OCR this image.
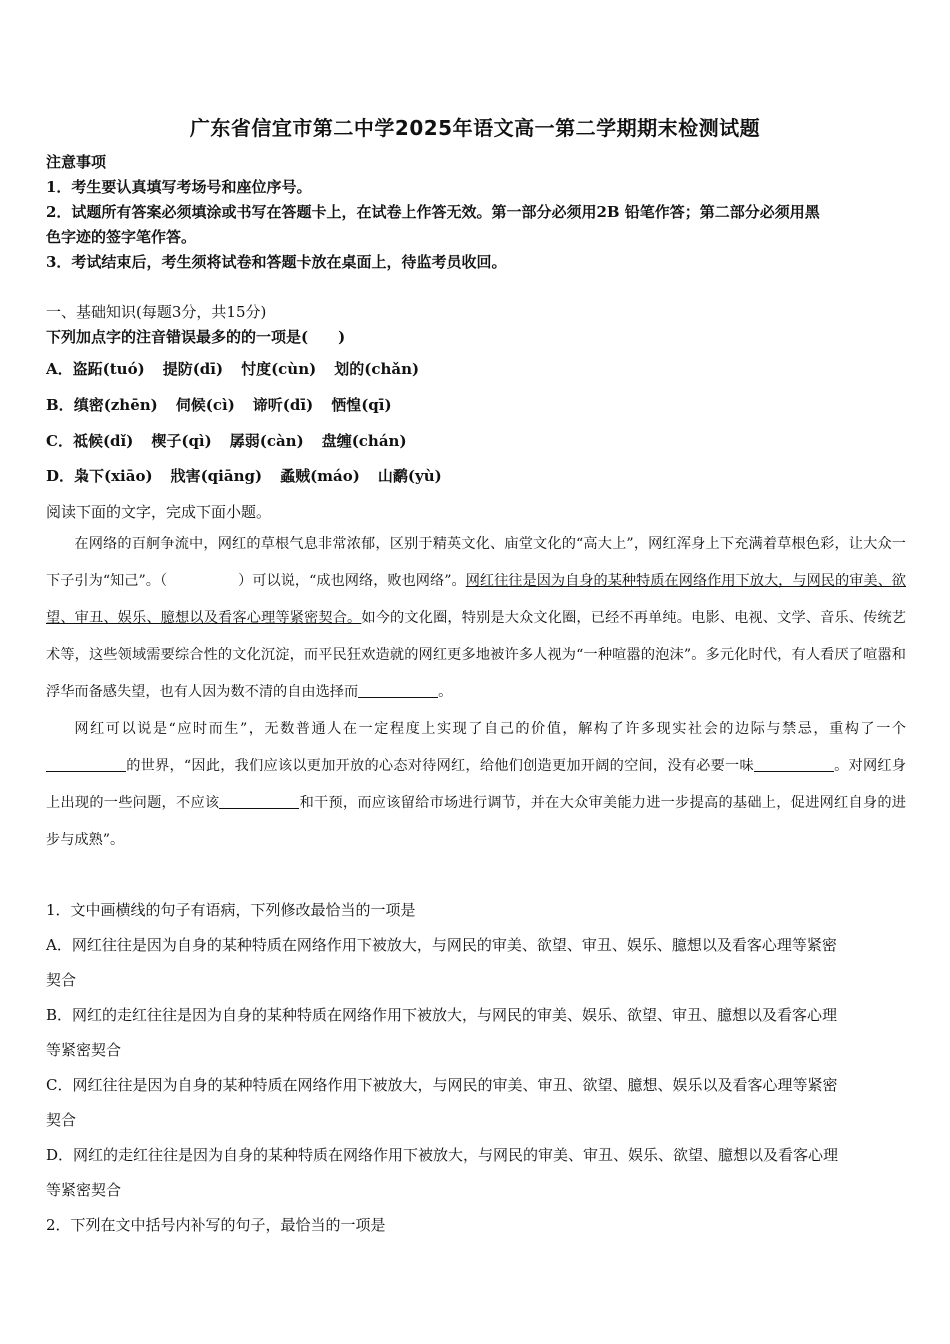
广东省信宜市第二中学2025年语文高一第二学期期末检测试题
注意事项
1．考生要认真填写考场号和座位序号。
2．试题所有答案必须填涂或书写在答题卡上，在试卷上作答无效。第一部分必须用2B 铅笔作答；第二部分必须用黑
色字迹的签字笔作答。
3．考试结束后，考生须将试卷和答题卡放在桌面上，待监考员收回。
一、基础知识(每题3分，共15分)
下列加点字的注音错误最多的的一项是(　　)
A．盗跖(tuó) 提防(dī) 忖度(cùn) 划的(chǎn)
B．缜密(zhēn) 伺候(cì) 谛听(dī) 恓惶(qī)
C．祗候(dǐ) 楔子(qì) 孱弱(càn) 盘缠(chán)
D．枭下(xiāo) 戕害(qiāng) 蟊贼(máo) 山鹬(yù)
阅读下面的文字，完成下面小题。

在网络的百舸争流中，网红的草根气息非常浓郁，区别于精英文化、庙堂文化的“高大上”，网红浑身上下充满着草根色彩，让大众一下子引为“知己”。（　　　　　）可以说，“成也网络，败也网络”。网红往往是因为自身的某种特质在网络作用下放大，与网民的审美、欲望、审丑、娱乐、臆想以及看客心理等紧密契合。如今的文化圈，特别是大众文化圈，已经不再单纯。电影、电视、文学、音乐、传统艺术等，这些领域需要综合性的文化沉淀，而平民狂欢造就的网红更多地被许多人视为“一种喧嚣的泡沫”。多元化时代，有人看厌了喧嚣和浮华而备感失望，也有人因为数不清的自由选择而	。

网红可以说是“应时而生”，无数普通人在一定程度上实现了自己的价值，解构了许多现实社会的边际与禁忌，重构了一个的世界，“因此，我们应该以更加开放的心态对待网红，给他们创造更加开阔的空间，没有必要一味	。对网红身上出现的一些问题，不应该	和干预，而应该留给市场进行调节，并在大众审美能力进一步提高的基础上，促进网红自身的进步与成熟”。

1．文中画横线的句子有语病，下列修改最恰当的一项是
A．网红往往是因为自身的某种特质在网络作用下被放大，与网民的审美、欲望、审丑、娱乐、臆想以及看客心理等紧密
契合
B．网红的走红往往是因为自身的某种特质在网络作用下被放大，与网民的审美、娱乐、欲望、审丑、臆想以及看客心理
等紧密契合
C．网红往往是因为自身的某种特质在网络作用下被放大，与网民的审美、审丑、欲望、臆想、娱乐以及看客心理等紧密
契合
D．网红的走红往往是因为自身的某种特质在网络作用下被放大，与网民的审美、审丑、娱乐、欲望、臆想以及看客心理
等紧密契合
2．下列在文中括号内补写的句子，最恰当的一项是
